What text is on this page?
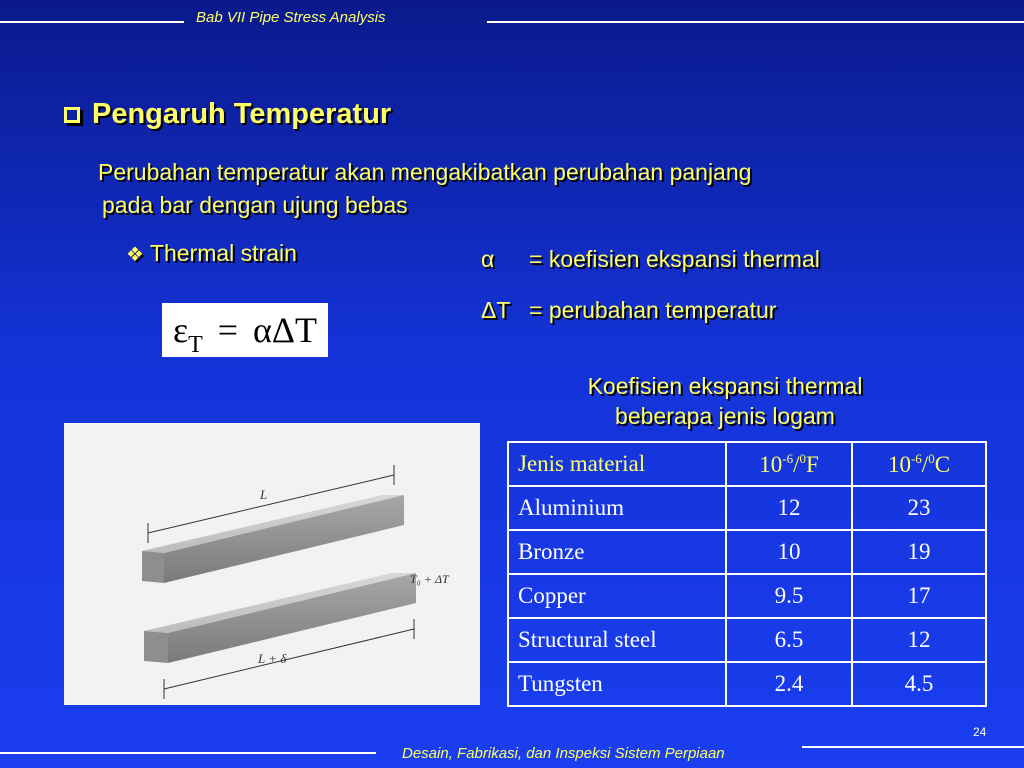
Bab VII Pipe Stress Analysis
Pengaruh Temperatur
Perubahan temperatur akan mengakibatkan perubahan panjang
pada bar dengan ujung bebas
❖ Thermal strain
$\varepsilon_T = \alpha\Delta T$
α = koefisien ekspansi thermal
ΔT = perubahan temperatur
Koefisien ekspansi thermal
beberapa jenis logam
L
T₀ + ΔT
L + δ
Jenis material	$10^{-6}/^0F$	$10^{-6}/^0C$
Aluminium	12	23
Bronze	10	19
Copper	9.5	17
Structural steel	6.5	12
Tungsten	2.4	4.5
24
Desain, Fabrikasi, dan Inspeksi Sistem Perpiaan
